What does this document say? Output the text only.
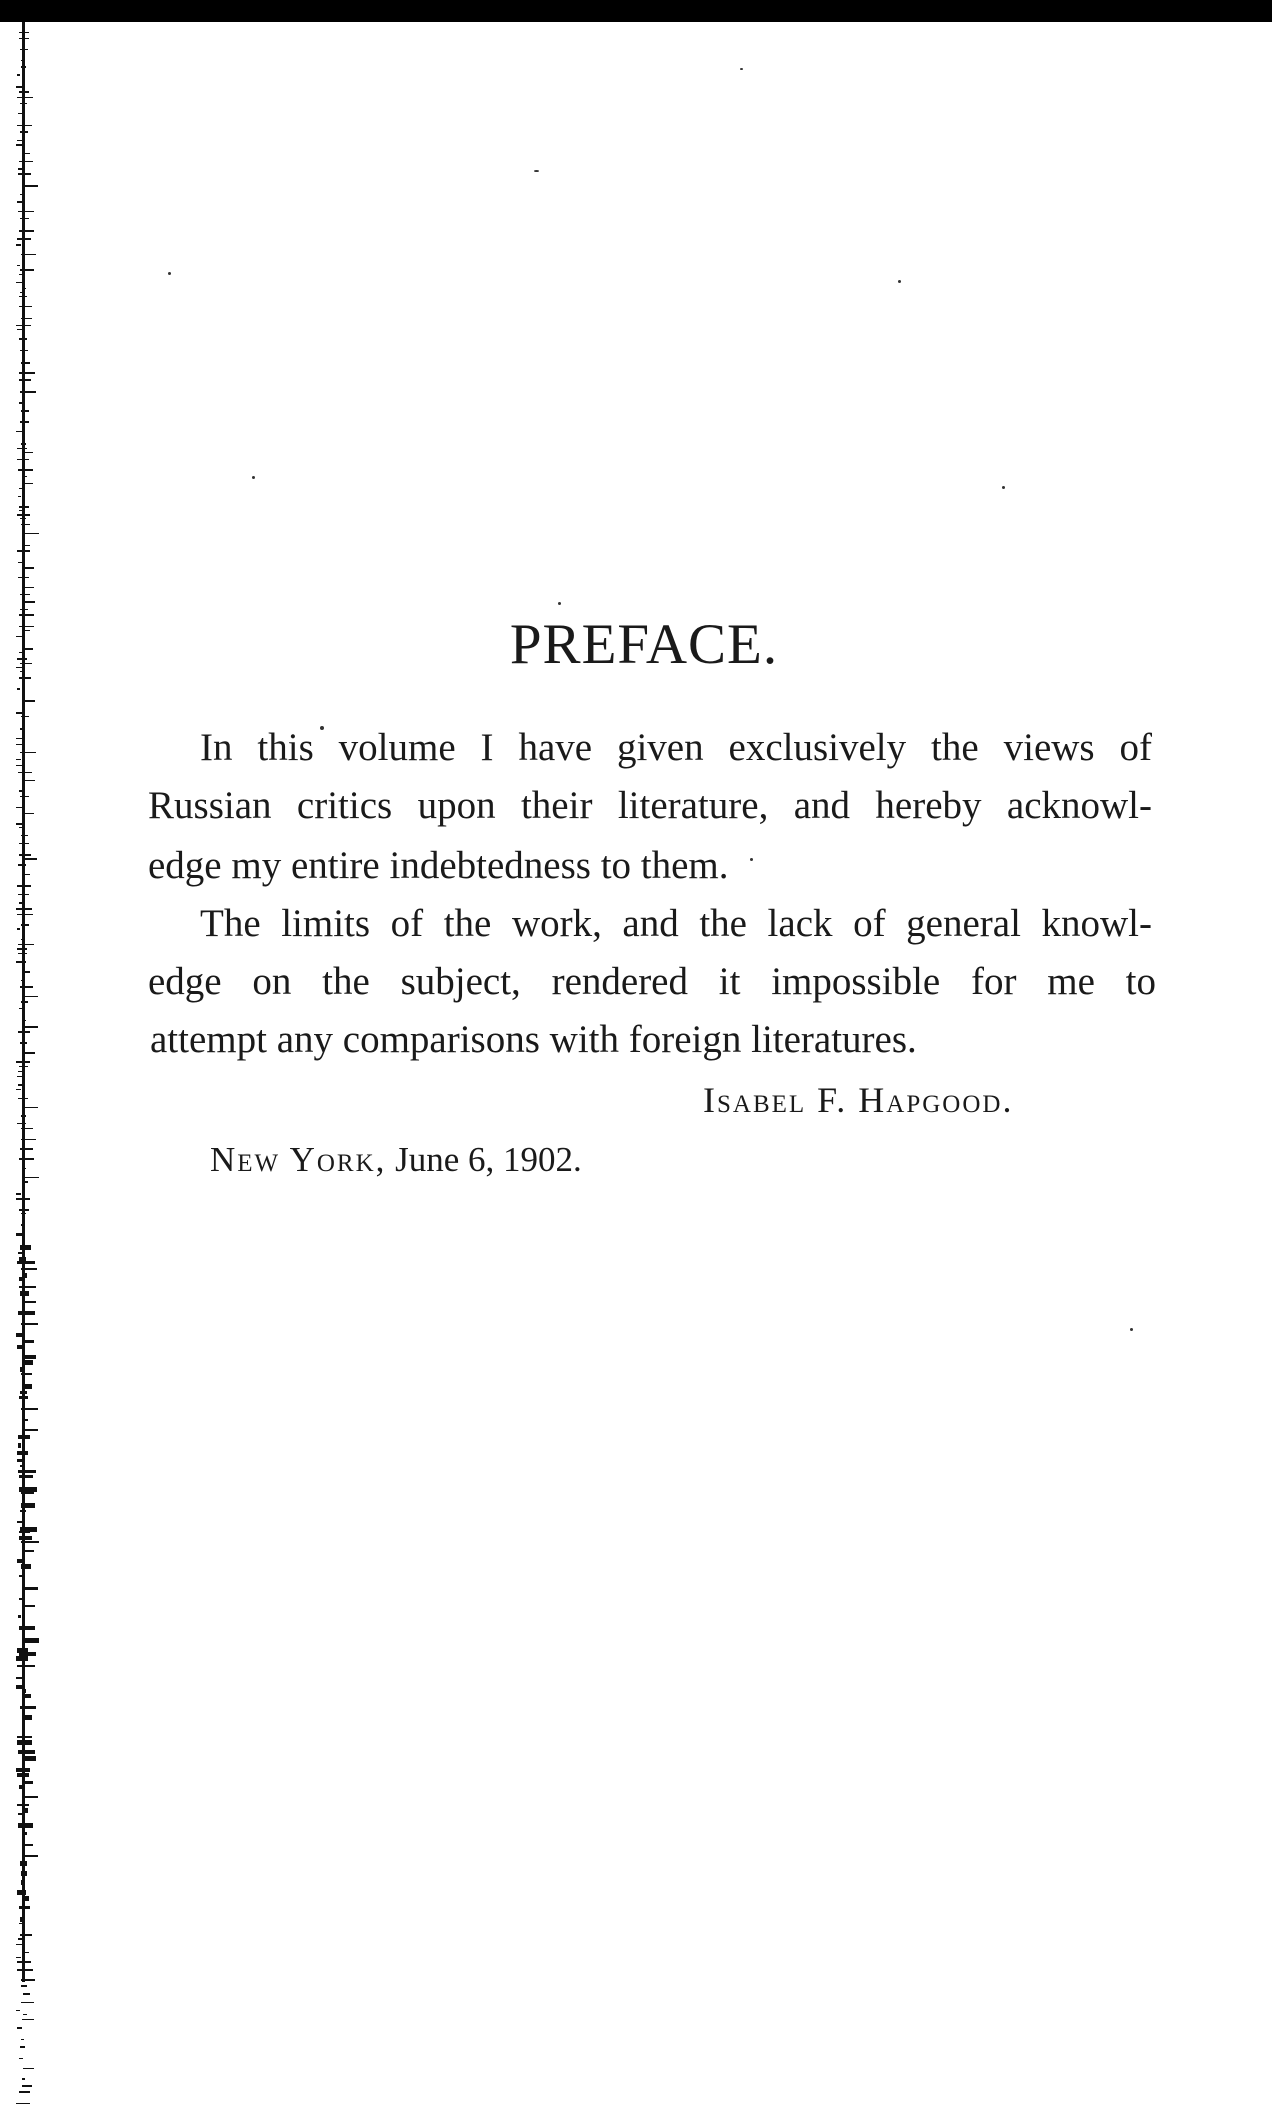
PREFACE.

In this volume I have given exclusively the views of

Russian critics upon their literature, and hereby acknowl-

edge my entire indebtedness to them.

The limits of the work, and the lack of general knowl-

edge on the subject, rendered it impossible for me to

attempt any comparisons with foreign literatures.

Isabel F. Hapgood.

New York, June 6, 1902.
